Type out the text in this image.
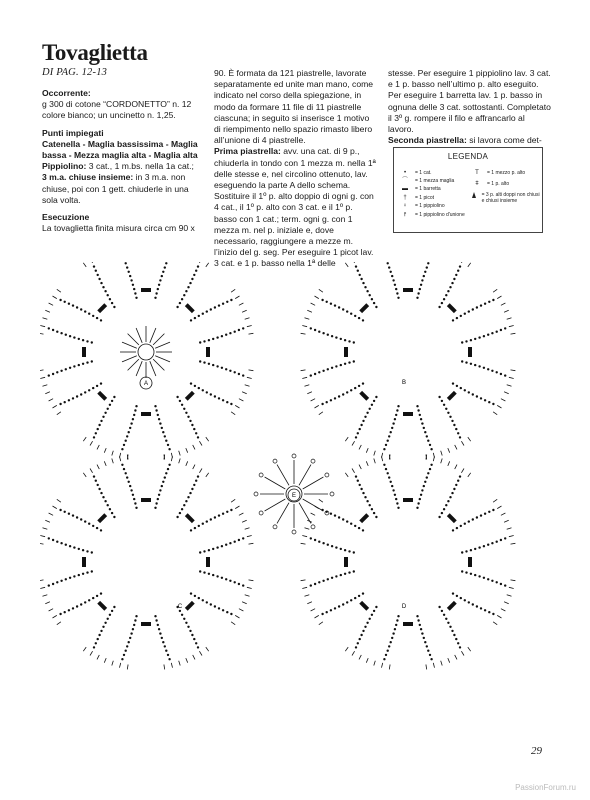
Tovaglietta
DI PAG. 12-13

Occorrente:

g 300 di cotone “CORDONETTO” n. 12 colore bianco; un uncinetto n. 1,25.

Punti impiegati

Catenella - Maglia bassissima - Maglia bassa - Mezza maglia alta - Maglia alta

Pippiolino: 3 cat., 1 m.bs. nella 1a cat.;

3 m.a. chiuse insieme: in 3 m.a. non chiuse, poi con 1 gett. chiuderle in una sola volta.

Esecuzione

La tovaglietta finita misura circa cm 90 x

90. È formata da 121 piastrelle, lavorate separatamente ed unite man mano, come indicato nel corso della spiegazione, in modo da formare 11 file di 11 piastrelle ciascuna; in seguito si inserisce 1 motivo di riempimento nello spazio rimasto libero all’unione di 4 piastrelle.

Prima piastrella: avv. una cat. di 9 p., chiuderla in tondo con 1 mezza m. nella 1ª delle stesse e, nel circolino ottenuto, lav. eseguendo la parte A dello schema. Sostituire il 1º p. alto doppio di ogni g. con 4 cat., il 1º p. alto con 3 cat. e il 1º p. basso con 1 cat.; term. ogni g. con 1 mezza m. nel p. iniziale e, dove necessario, raggiungere a mezze m. l’inizio del g. seg. Per eseguire 1 picot lav. 3 cat. e 1 p. basso nella 1ª delle

stesse. Per eseguire 1 pippiolino lav. 3 cat. e 1 p. basso nell’ultimo p. alto eseguito. Per eseguire 1 barretta lav. 1 p. basso in ognuna delle 3 cat. sottostanti. Completato il 3º g. rompere il filo e affrancarlo al lavoro.

Seconda piastrella: si lavora come det-

LEGENDA
•	= 1 cat.
⌒	= 1 mezza maglia
▬	= 1 barretta
†	= 1 picot
♀	= 1 pippiolino
⫯	= 1 pippiolino d'unione
T	= 1 mezzo p. alto
ǂ	= 1 p. alto
= 3 p. alti doppi non chiusi e chiusi insieme
A	B
C	D
E
29
PassionForum.ru
